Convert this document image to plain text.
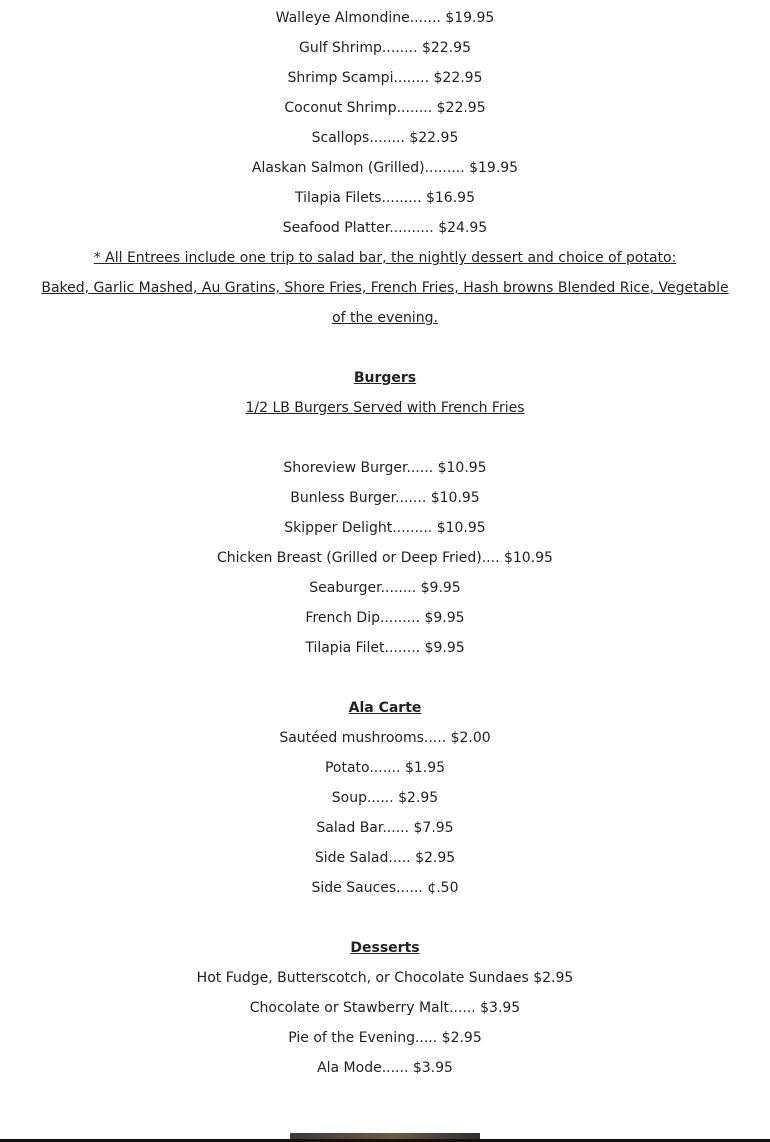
Walleye Almondine....... $19.95
Gulf Shrimp........ $22.95
Shrimp Scampi........ $22.95
Coconut Shrimp........ $22.95
Scallops........ $22.95
Alaskan Salmon (Grilled)......... $19.95
Tilapia Filets......... $16.95
Seafood Platter.......... $24.95
* All Entrees include one trip to salad bar, the nightly dessert and choice of potato:
Baked, Garlic Mashed, Au Gratins, Shore Fries, French Fries, Hash browns Blended Rice, Vegetable of the evening.
Burgers
1/2 LB Burgers Served with French Fries
Shoreview Burger...... $10.95
Bunless Burger....... $10.95
Skipper Delight......... $10.95
Chicken Breast (Grilled or Deep Fried).... $10.95
Seaburger........ $9.95
French Dip......... $9.95
Tilapia Filet........ $9.95
Ala Carte
Sautéed mushrooms..... $2.00
Potato....... $1.95
Soup...... $2.95
Salad Bar...... $7.95
Side Salad..... $2.95
Side Sauces...... ¢.50
Desserts
Hot Fudge, Butterscotch, or Chocolate Sundaes $2.95
Chocolate or Stawberry Malt...... $3.95
Pie of the Evening..... $2.95
Ala Mode...... $3.95
